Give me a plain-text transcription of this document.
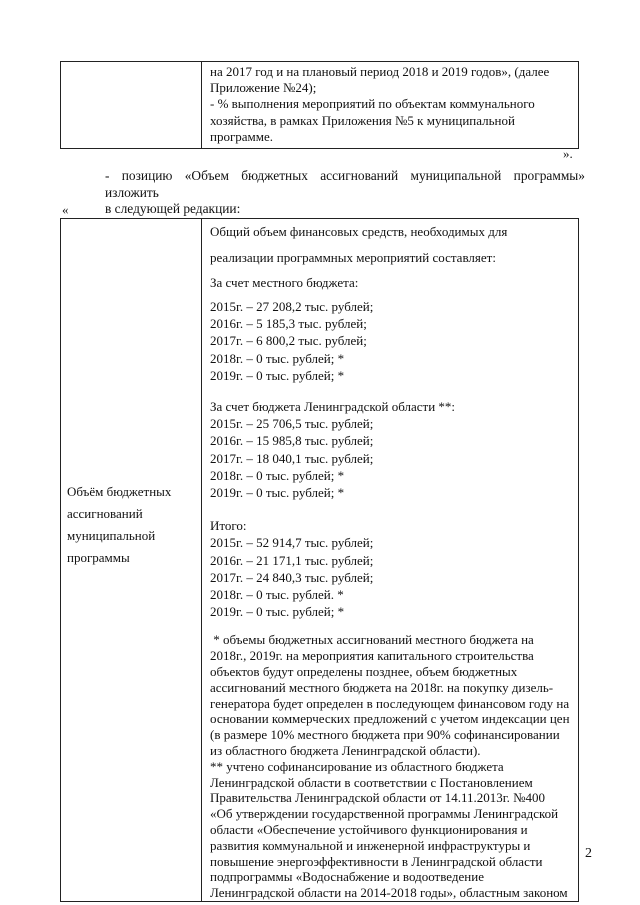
на 2017 год и на плановый период 2018 и 2019 годов», (далее
Приложение №24);
- % выполнения мероприятий по объектам коммунального
хозяйства, в рамках Приложения №5 к муниципальной
программе.
».
- позицию «Объем бюджетных ассигнований муниципальной программы» изложить
в следующей редакции:
«
Объём бюджетных
ассигнований
муниципальной
программы

Общий объем финансовых средств, необходимых для
реализации программных мероприятий составляет:
За счет местного бюджета:
2015г. – 27 208,2 тыс. рублей;
2016г. – 5 185,3 тыс. рублей;
2017г. – 6 800,2 тыс. рублей;
2018г. – 0 тыс. рублей; *
2019г. – 0 тыс. рублей; *
За счет бюджета Ленинградской области **:
2015г. – 25 706,5 тыс. рублей;
2016г. – 15 985,8 тыс. рублей;
2017г. – 18 040,1 тыс. рублей;
2018г. – 0 тыс. рублей; *
2019г. – 0 тыс. рублей; *
Итого:
2015г. – 52 914,7 тыс. рублей;
2016г. – 21 171,1 тыс. рублей;
2017г. – 24 840,3 тыс. рублей;
2018г. – 0 тыс. рублей. *
2019г. – 0 тыс. рублей; *
* объемы бюджетных ассигнований местного бюджета на
2018г., 2019г. на мероприятия капитального строительства
объектов будут определены позднее, объем бюджетных
ассигнований местного бюджета на 2018г. на покупку дизель-
генератора будет определен в последующем финансовом году на
основании коммерческих предложений с учетом индексации цен
(в размере 10% местного бюджета при 90% софинансировании
из областного бюджета Ленинградской области).
** учтено софинансирование из областного бюджета
Ленинградской области в соответствии с Постановлением
Правительства Ленинградской области от 14.11.2013г. №400
«Об утверждении государственной программы Ленинградской
области «Обеспечение устойчивого функционирования и
развития коммунальной и инженерной инфраструктуры и
повышение энергоэффективности в Ленинградской области
подпрограммы «Водоснабжение и водоотведение
Ленинградской области на 2014-2018 годы», областным законом
2
